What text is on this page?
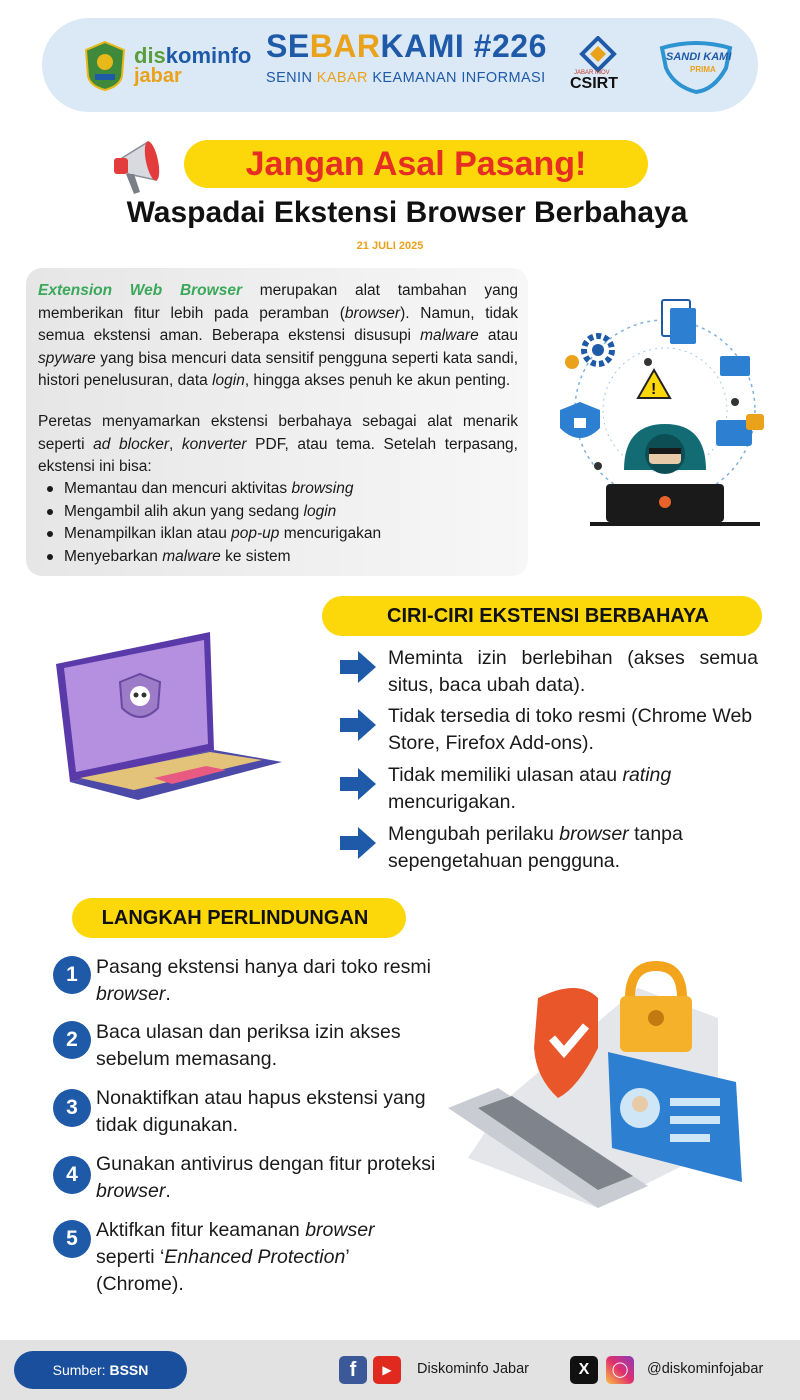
diskominfo
jabar
SEBARKAMI #226
SENIN KABAR KEAMANAN INFORMASI	JABAR INOV
CSIRT
SANDI KAMI
PRIMA
Jangan Asal Pasang!
Waspadai Ekstensi Browser Berbahaya
21 JULI 2025

Extension Web Browser merupakan alat tambahan yang memberikan fitur lebih pada peramban (browser). Namun, tidak semua ekstensi aman. Beberapa ekstensi disusupi malware atau spyware yang bisa mencuri data sensitif pengguna seperti kata sandi, histori penelusuran, data login, hingga akses penuh ke akun penting.

Peretas menyamarkan ekstensi berbahaya sebagai alat menarik seperti ad blocker, konverter PDF, atau tema. Setelah terpasang, ekstensi ini bisa:

Memantau dan mencuri aktivitas browsing
Mengambil alih akun yang sedang login
Menampilkan iklan atau pop-up mencurigakan
Menyebarkan malware ke sistem
!
CIRI-CIRI EKSTENSI BERBAHAYA
Meminta izin berlebihan (akses semua situs, baca ubah data).
Tidak tersedia di toko resmi (Chrome Web Store, Firefox Add-ons).
Tidak memiliki ulasan atau rating mencurigakan.
Mengubah perilaku browser tanpa sepengetahuan pengguna.
LANGKAH PERLINDUNGAN
1 Pasang ekstensi hanya dari toko resmi browser.
2 Baca ulasan dan periksa izin akses sebelum memasang.
3 Nonaktifkan atau hapus ekstensi yang tidak digunakan.
4 Gunakan antivirus dengan fitur proteksi browser.
5 Aktifkan fitur keamanan browser seperti ‘Enhanced Protection’ (Chrome).
Sumber: BSSN	f	▶	Diskominfo Jabar	X	◯	@diskominfojabar
